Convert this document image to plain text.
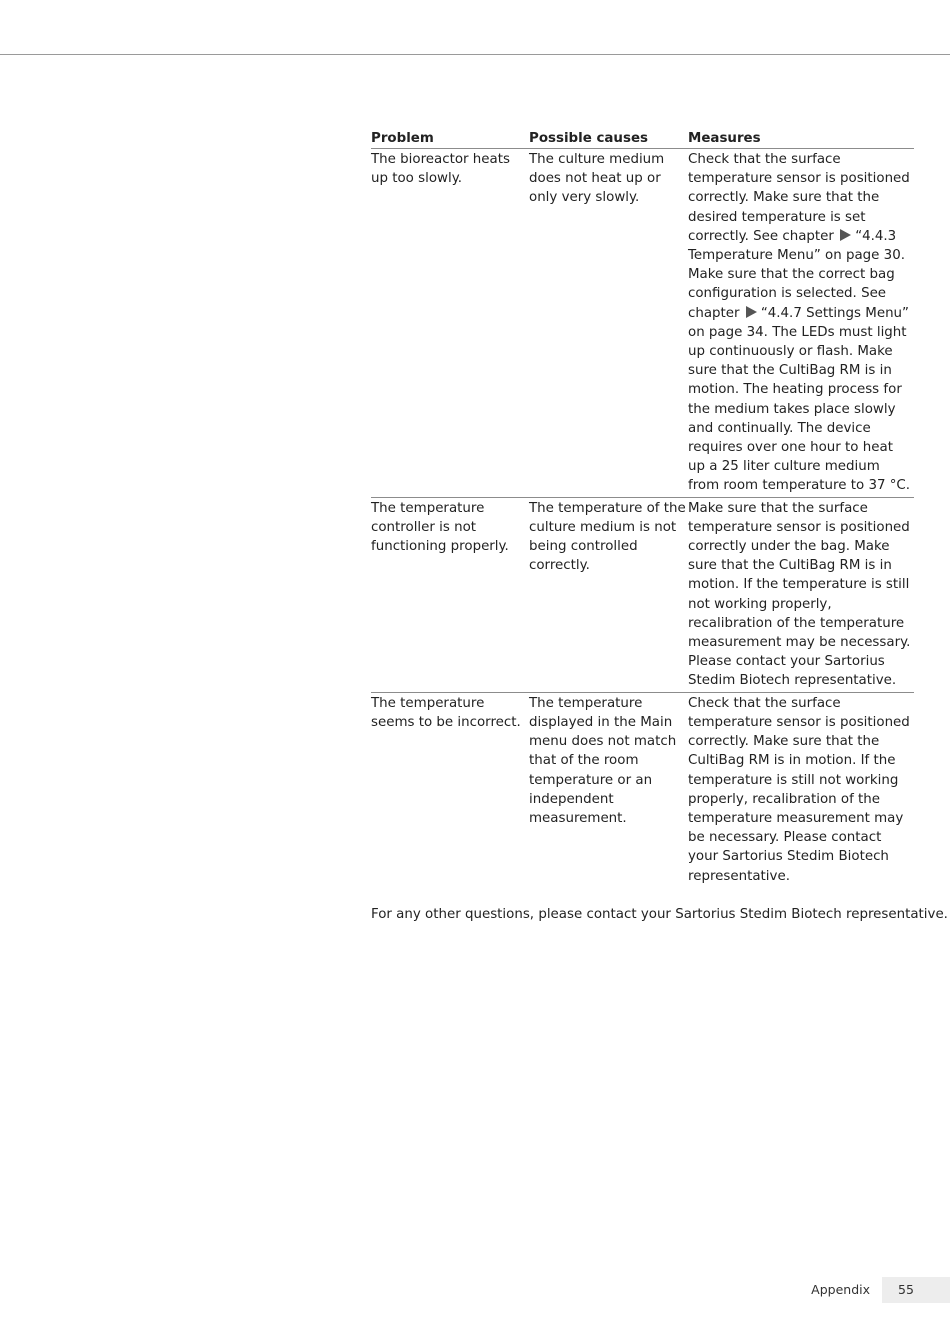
Problem	Possible causes	Measures
The bioreactor heats up too slowly.	The culture medium does not heat up or only very slowly.	Check that the surface temperature sensor is positioned correctly. Make sure that the desired temperature is set correctly. See chapter “4.4.3 Temperature Menu” on page 30. Make sure that the correct bag configuration is selected. See chapter “4.4.7 Settings Menu” on page 34. The LEDs must light up continuously or flash. Make sure that the CultiBag RM is in motion. The heating process for the medium takes place slowly and continually. The device requires over one hour to heat up a 25 liter culture medium from room temperature to 37 °C.
The temperature controller is not functioning properly.	The temperature of the culture medium is not being controlled correctly.	Make sure that the surface temperature sensor is positioned correctly under the bag. Make sure that the CultiBag RM is in motion. If the temperature is still not working properly, recalibration of the temperature measurement may be necessary. Please contact your Sartorius Stedim Biotech representative.
The temperature seems to be incorrect.	The temperature displayed in the Main menu does not match that of the room temperature or an independent measurement.	Check that the surface temperature sensor is positioned correctly. Make sure that the CultiBag RM is in motion. If the temperature is still not working properly, recalibration of the temperature measurement may be necessary. Please contact your Sartorius Stedim Biotech representative.
For any other questions, please contact your Sartorius Stedim Biotech representative.
Appendix	55
